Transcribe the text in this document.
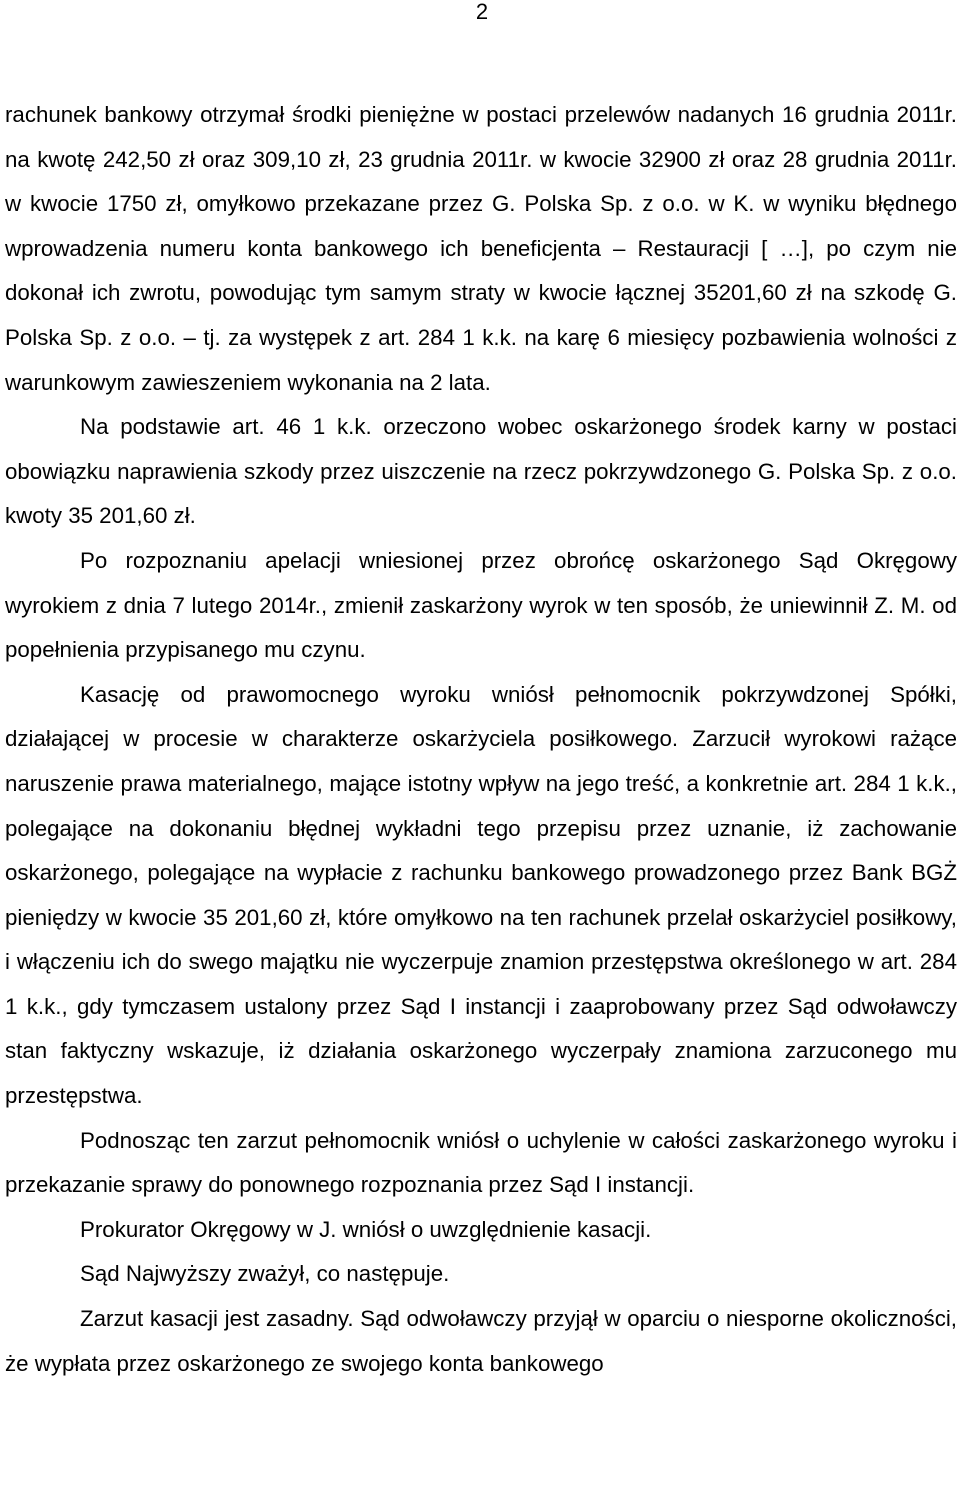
2

rachunek bankowy otrzymał środki pieniężne w postaci przelewów nadanych 16 grudnia 2011r. na kwotę 242,50 zł oraz 309,10 zł, 23 grudnia 2011r. w kwocie 32900 zł oraz 28 grudnia 2011r. w kwocie 1750 zł, omyłkowo przekazane przez G. Polska Sp. z o.o. w K. w wyniku błędnego wprowadzenia numeru konta bankowego ich beneficjenta – Restauracji [ …], po czym nie dokonał ich zwrotu, powodując tym samym straty w kwocie łącznej 35201,60 zł na szkodę G. Polska Sp. z o.o. – tj. za występek z art. 284 1 k.k. na karę 6 miesięcy pozbawienia wolności z warunkowym zawieszeniem wykonania na 2 lata.

Na podstawie art. 46 1 k.k. orzeczono wobec oskarżonego środek karny w postaci obowiązku naprawienia szkody przez uiszczenie na rzecz pokrzywdzonego G. Polska Sp. z o.o. kwoty 35 201,60 zł.

Po rozpoznaniu apelacji wniesionej przez obrońcę oskarżonego Sąd Okręgowy wyrokiem z dnia 7 lutego 2014r., zmienił zaskarżony wyrok w ten sposób, że uniewinnił Z. M. od popełnienia przypisanego mu czynu.

Kasację od prawomocnego wyroku wniósł pełnomocnik pokrzywdzonej Spółki, działającej w procesie w charakterze oskarżyciela posiłkowego. Zarzucił wyrokowi rażące naruszenie prawa materialnego, mające istotny wpływ na jego treść, a konkretnie art. 284 1 k.k., polegające na dokonaniu błędnej wykładni tego przepisu przez uznanie, iż zachowanie oskarżonego, polegające na wypłacie z rachunku bankowego prowadzonego przez Bank BGŻ pieniędzy w kwocie 35 201,60 zł, które omyłkowo na ten rachunek przelał oskarżyciel posiłkowy, i włączeniu ich do swego majątku nie wyczerpuje znamion przestępstwa określonego w art. 284 1 k.k., gdy tymczasem ustalony przez Sąd I instancji i zaaprobowany przez Sąd odwoławczy stan faktyczny wskazuje, iż działania oskarżonego wyczerpały znamiona zarzuconego mu przestępstwa.

Podnosząc ten zarzut pełnomocnik wniósł o uchylenie w całości zaskarżonego wyroku i przekazanie sprawy do ponownego rozpoznania przez Sąd I instancji.

Prokurator Okręgowy w J. wniósł o uwzględnienie kasacji.

Sąd Najwyższy zważył, co następuje.

Zarzut kasacji jest zasadny. Sąd odwoławczy przyjął w oparciu o niesporne okoliczności, że wypłata przez oskarżonego ze swojego konta bankowego
